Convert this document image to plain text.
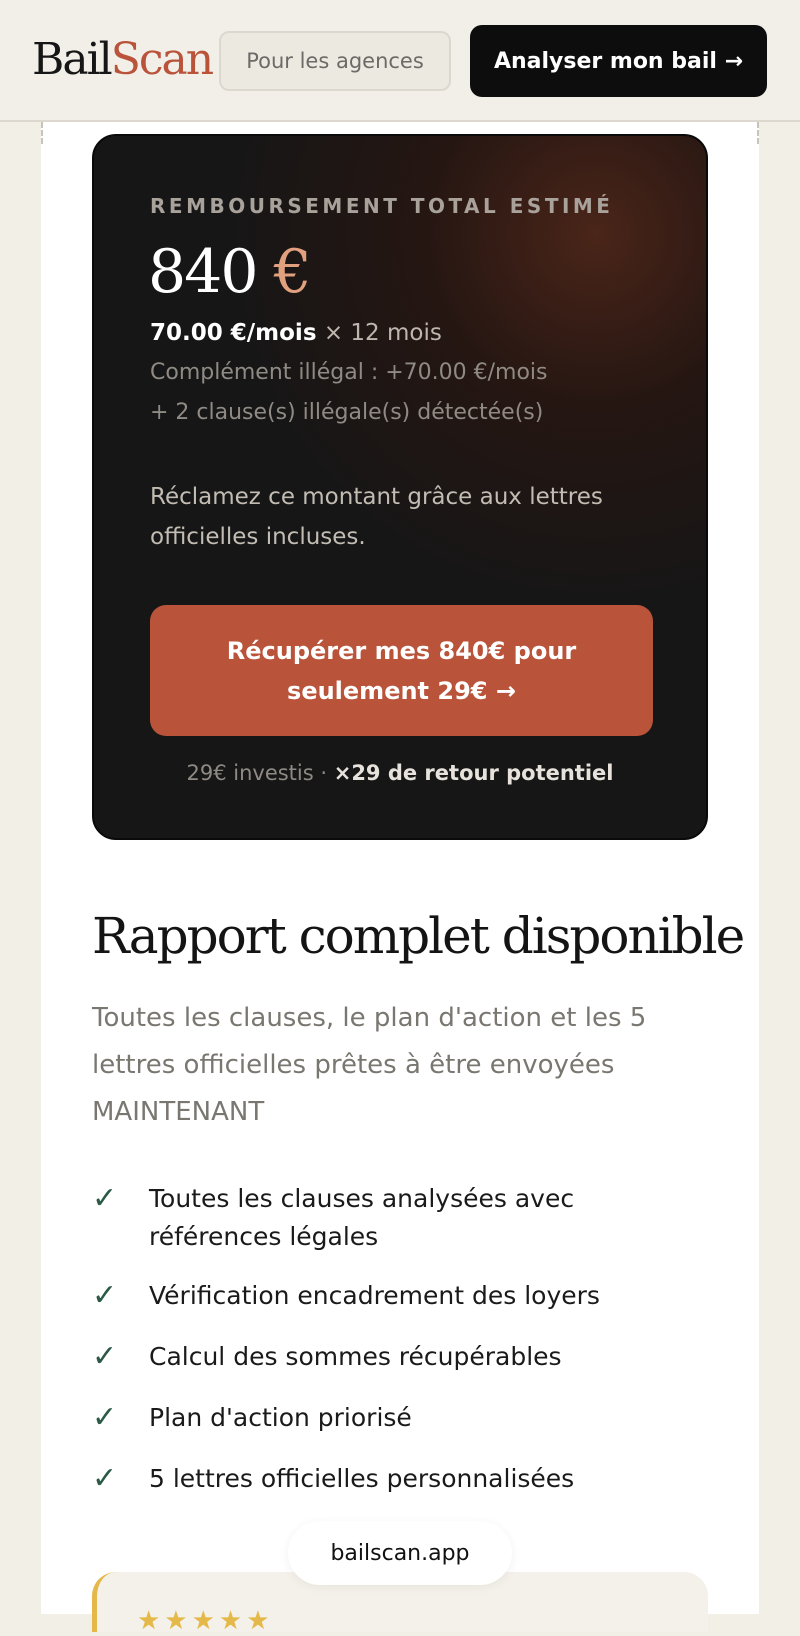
BailScan	Pour les agences	Analyser mon bail →
REMBOURSEMENT TOTAL ESTIMÉ
840 €
70.00 €/mois × 12 mois
Complément illégal : +70.00 €/mois
+ 2 clause(s) illégale(s) détectée(s)
Réclamez ce montant grâce aux lettres officielles incluses.
Récupérer mes 840€ pour
seulement 29€ →
29€ investis · ×29 de retour potentiel
Rapport complet disponible
Toutes les clauses, le plan d'action et les 5 lettres officielles prêtes à être envoyées MAINTENANT
✓	Toutes les clauses analysées avec références légales
✓	Vérification encadrement des loyers
✓	Calcul des sommes récupérables
✓	Plan d'action priorisé
✓	5 lettres officielles personnalisées
★★★★★
bailscan.app
